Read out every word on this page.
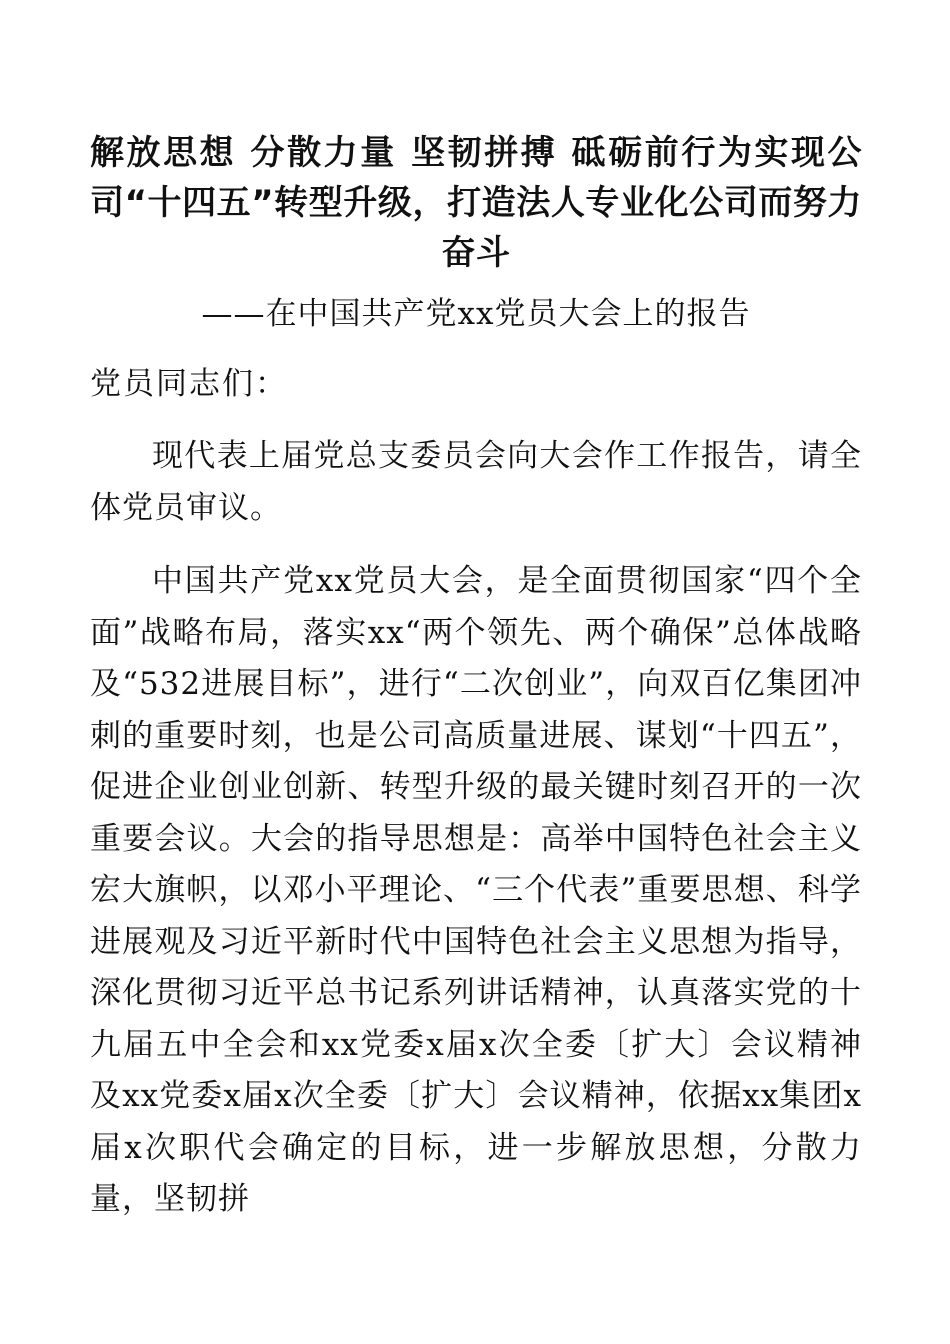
解放思想 分散力量 坚韧拼搏 砥砺前行为实现公司“十四五”转型升级，打造法人专业化公司而努力奋斗
——在中国共产党xx党员大会上的报告
党员同志们：

现代表上届党总支委员会向大会作工作报告，请全体党员审议。

中国共产党xx党员大会，是全面贯彻国家“四个全面”战略布局，落实xx“两个领先、两个确保”总体战略及“532进展目标”，进行“二次创业”，向双百亿集团冲刺的重要时刻，也是公司高质量进展、谋划“十四五”，促进企业创业创新、转型升级的最关键时刻召开的一次重要会议。大会的指导思想是：高举中国特色社会主义宏大旗帜，以邓小平理论、“三个代表”重要思想、科学进展观及习近平新时代中国特色社会主义思想为指导，深化贯彻习近平总书记系列讲话精神，认真落实党的十九届五中全会和xx党委x届x次全委〔扩大〕会议精神及xx党委x届x次全委〔扩大〕会议精神，依据xx集团x届x次职代会确定的目标，进一步解放思想，分散力量，坚韧拼
